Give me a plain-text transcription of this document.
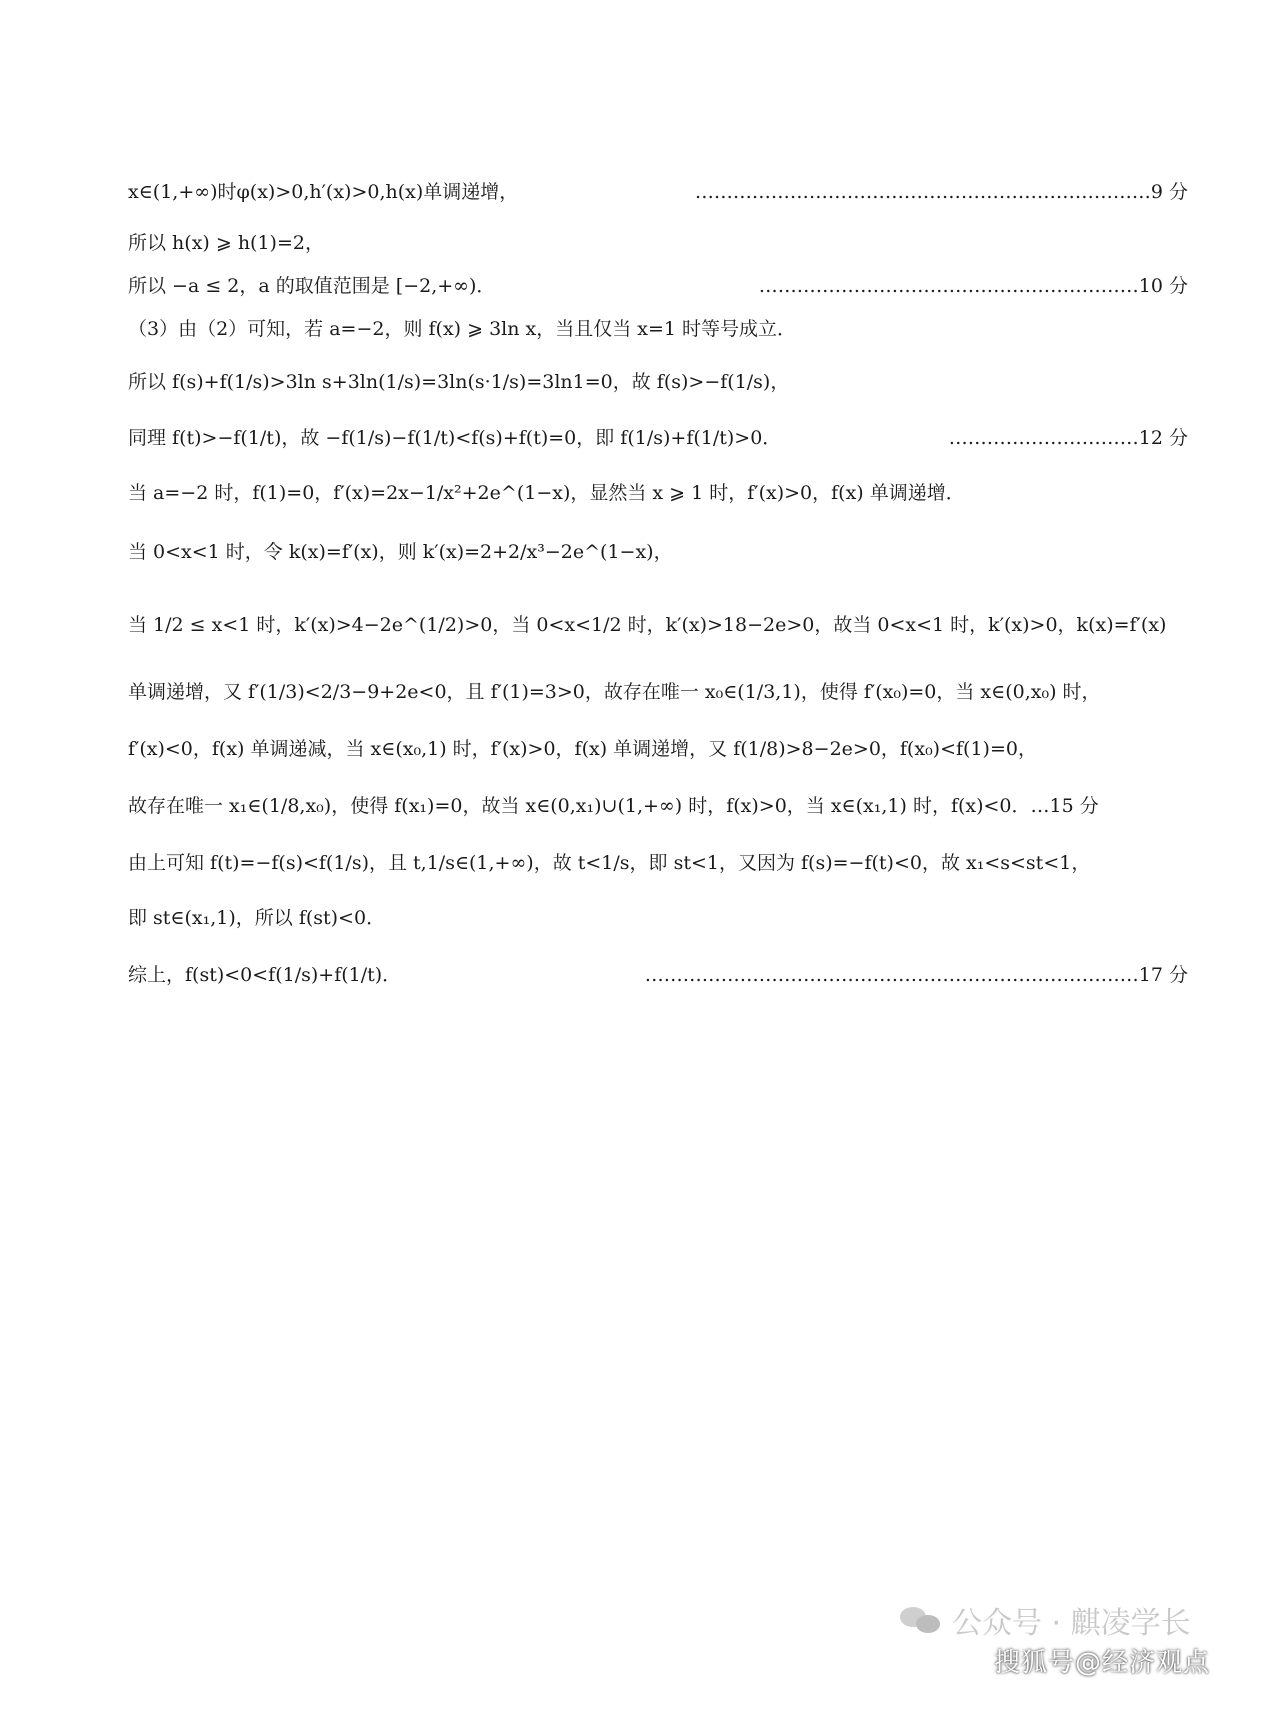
x∈(1,+∞)时φ(x)>0,h′(x)>0,h(x)单调递增，	………………………………………………………………9 分
所以 h(x) ⩾ h(1)=2，
所以 −a ≤ 2，a 的取值范围是 [−2,+∞)．	……………………………………………………10 分
（3）由（2）可知，若 a=−2，则 f(x) ⩾ 3ln x，当且仅当 x=1 时等号成立．
所以 f(s)+f(1/s)>3ln s+3ln(1/s)=3ln(s·1/s)=3ln1=0，故 f(s)>−f(1/s)，
同理 f(t)>−f(1/t)，故 −f(1/s)−f(1/t)<f(s)+f(t)=0，即 f(1/s)+f(1/t)>0．	…………………………12 分
当 a=−2 时，f(1)=0，f′(x)=2x−1/x²+2e^(1−x)，显然当 x ⩾ 1 时，f′(x)>0，f(x) 单调递增．
当 0<x<1 时，令 k(x)=f′(x)，则 k′(x)=2+2/x³−2e^(1−x)，
当 1/2 ≤ x<1 时，k′(x)>4−2e^(1/2)>0，当 0<x<1/2 时，k′(x)>18−2e>0，故当 0<x<1 时，k′(x)>0，k(x)=f′(x)
单调递增，又 f′(1/3)<2/3−9+2e<0，且 f′(1)=3>0，故存在唯一 x₀∈(1/3,1)，使得 f′(x₀)=0，当 x∈(0,x₀) 时，
f′(x)<0，f(x) 单调递减，当 x∈(x₀,1) 时，f′(x)>0，f(x) 单调递增，又 f(1/8)>8−2e>0，f(x₀)<f(1)=0，
故存在唯一 x₁∈(1/8,x₀)，使得 f(x₁)=0，故当 x∈(0,x₁)∪(1,+∞) 时，f(x)>0，当 x∈(x₁,1) 时，f(x)<0．…15 分
由上可知 f(t)=−f(s)<f(1/s)，且 t,1/s∈(1,+∞)，故 t<1/s，即 st<1，又因为 f(s)=−f(t)<0，故 x₁<s<st<1，
即 st∈(x₁,1)，所以 f(st)<0．
综上，f(st)<0<f(1/s)+f(1/t)．	……………………………………………………………………17 分
公众号 · 麒凌学长
搜狐号@经济观点
